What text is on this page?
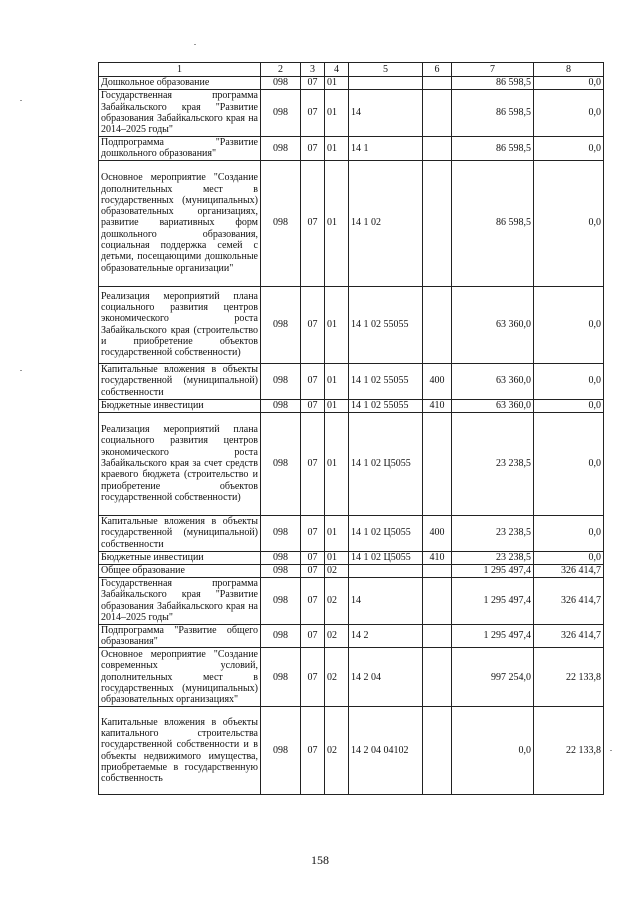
1	2	3	4	5	6	7	8
Дошкольное образование	098	07	01			86 598,5	0,0
Государственная программа Забайкальского края "Развитие образования Забайкальского края на 2014–2025 годы"	098	07	01	14		86 598,5	0,0
Подпрограмма "Развитие дошкольного образования"	098	07	01	14 1		86 598,5	0,0
Основное мероприятие "Создание дополнительных мест в государственных (муниципальных) образовательных организациях, развитие вариативных форм дошкольного образования, социальная поддержка семей с детьми, посещающими дошкольные образовательные организации"	098	07	01	14 1 02		86 598,5	0,0
Реализация мероприятий плана социального развития центров экономического роста Забайкальского края (строительство и приобретение объектов государственной собственности)	098	07	01	14 1 02 55055		63 360,0	0,0
Капитальные вложения в объекты государственной (муниципальной) собственности	098	07	01	14 1 02 55055	400	63 360,0	0,0
Бюджетные инвестиции	098	07	01	14 1 02 55055	410	63 360,0	0,0
Реализация мероприятий плана социального развития центров экономического роста Забайкальского края за счет средств краевого бюджета (строительство и приобретение объектов государственной собственности)	098	07	01	14 1 02 Ц5055		23 238,5	0,0
Капитальные вложения в объекты государственной (муниципальной) собственности	098	07	01	14 1 02 Ц5055	400	23 238,5	0,0
Бюджетные инвестиции	098	07	01	14 1 02 Ц5055	410	23 238,5	0,0
Общее образование	098	07	02			1 295 497,4	326 414,7
Государственная программа Забайкальского края "Развитие образования Забайкальского края на 2014–2025 годы"	098	07	02	14		1 295 497,4	326 414,7
Подпрограмма "Развитие общего образования"	098	07	02	14 2		1 295 497,4	326 414,7
Основное мероприятие "Создание современных условий, дополнительных мест в государственных (муниципальных) образовательных организациях"	098	07	02	14 2 04		997 254,0	22 133,8
Капитальные вложения в объекты капитального строительства государственной собственности и в объекты недвижимого имущества, приобретаемые в государственную собственность	098	07	02	14 2 04 04102		0,0	22 133,8
158
